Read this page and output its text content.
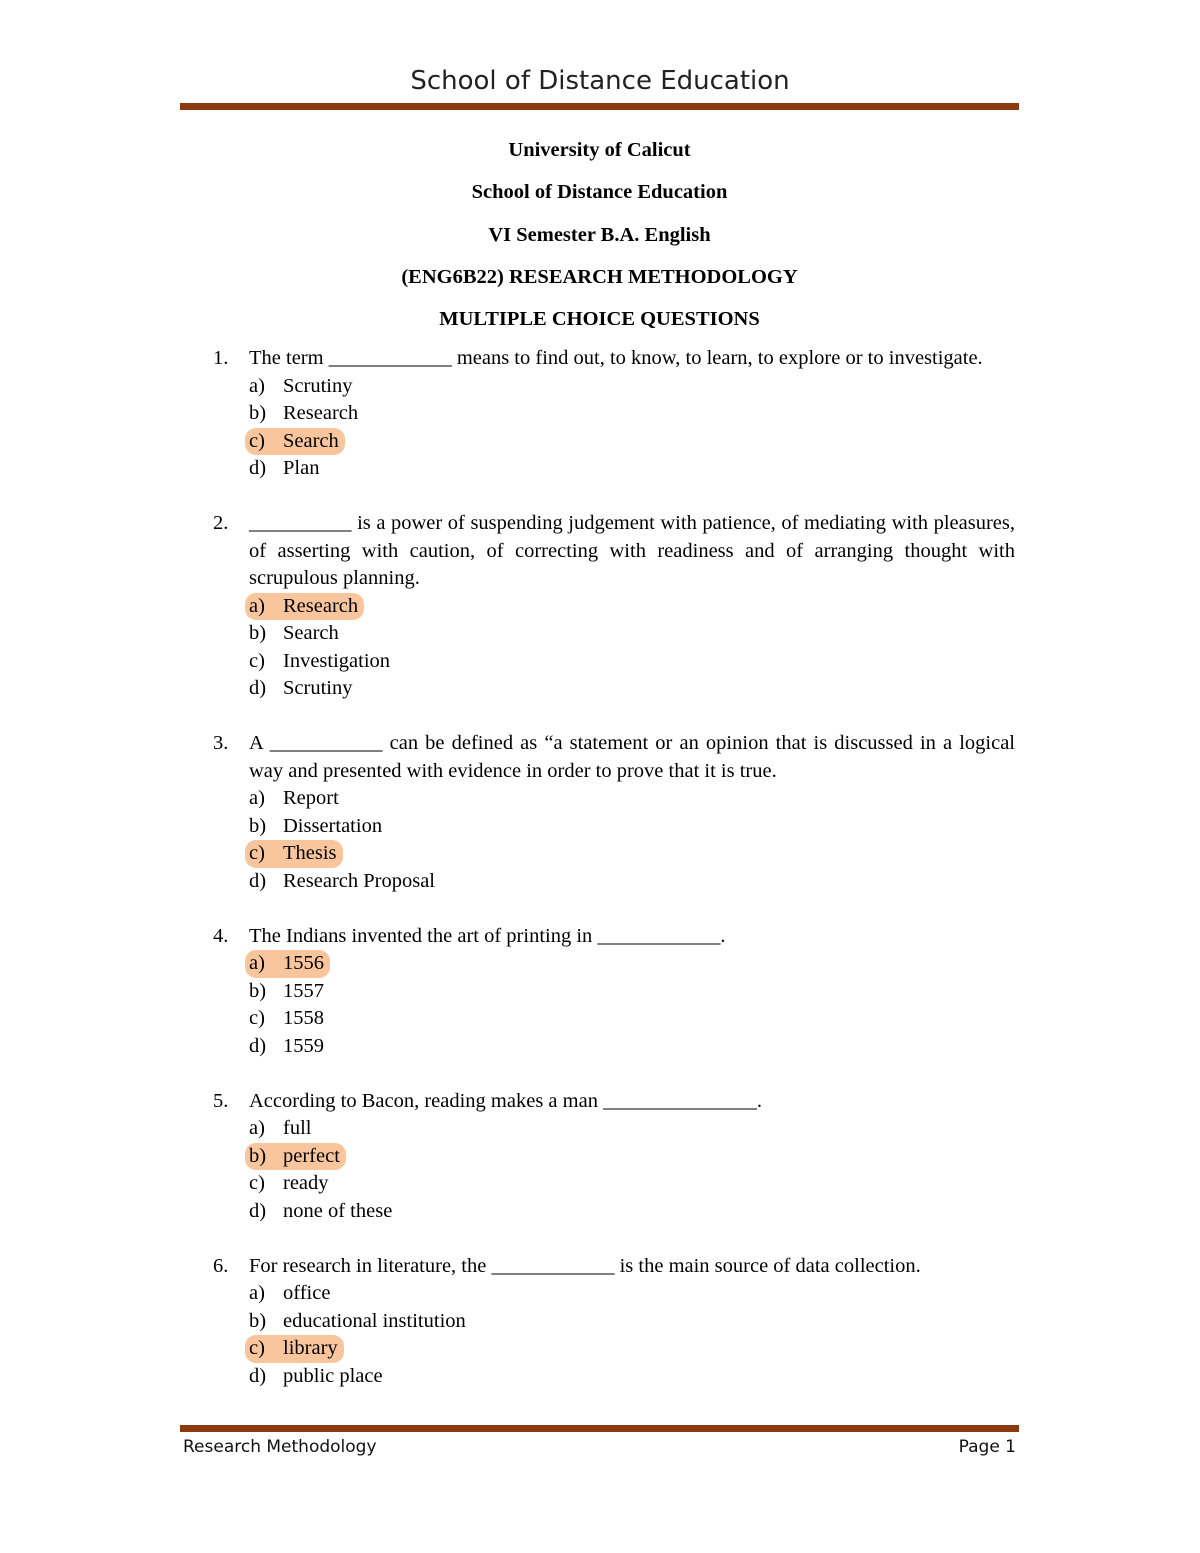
School of Distance Education
University of Calicut
School of Distance Education
VI Semester B.A. English
(ENG6B22) RESEARCH METHODOLOGY
MULTIPLE CHOICE QUESTIONS
1.	The term ____________ means to find out, to know, to learn, to explore or to investigate.
a) Scrutiny
b) Research
c) Search
d) Plan
2.	__________ is a power of suspending judgement with patience, of mediating with pleasures, of asserting with caution, of correcting with readiness and of arranging thought with scrupulous planning.
a) Research
b) Search
c) Investigation
d) Scrutiny
3.	A ___________ can be defined as “a statement or an opinion that is discussed in a logical way and presented with evidence in order to prove that it is true.
a) Report
b) Dissertation
c) Thesis
d) Research Proposal
4.	The Indians invented the art of printing in ____________.
a) 1556
b) 1557
c) 1558
d) 1559
5.	According to Bacon, reading makes a man _______________.
a) full
b) perfect
c) ready
d) none of these
6.	For research in literature, the ____________ is the main source of data collection.
a) office
b) educational institution
c) library
d) public place
Research Methodology	Page 1
